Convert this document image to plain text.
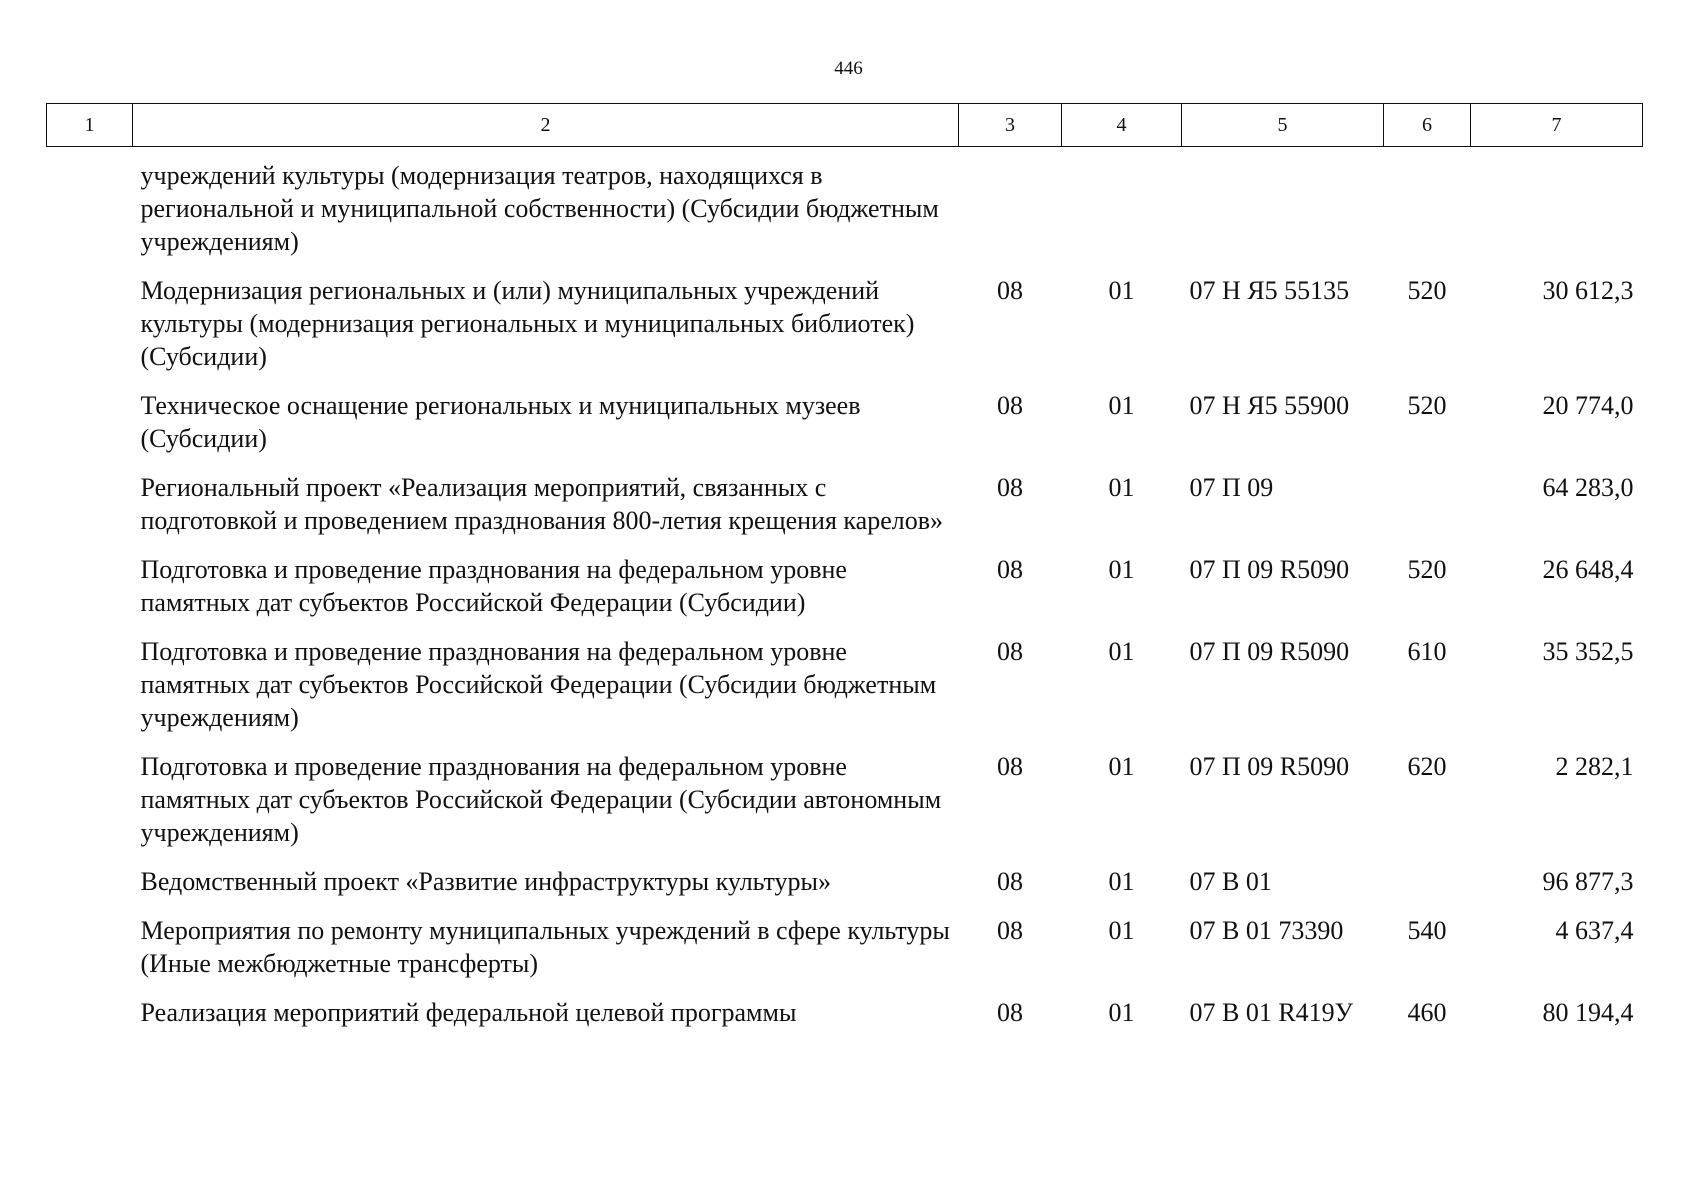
446
1	2	3	4	5	6	7
	учреждений культуры (модернизация театров, находящихся в региональной и муниципальной собственности) (Субсидии бюджетным учреждениям)					
	Модернизация региональных и (или) муниципальных учреждений культуры (модернизация региональных и муниципальных библиотек) (Субсидии)	08	01	07 Н Я5 55135	520	30 612,3
	Техническое оснащение региональных и муниципальных музеев (Субсидии)	08	01	07 Н Я5 55900	520	20 774,0
	Региональный проект «Реализация мероприятий, связанных с подготовкой и проведением празднования 800-летия крещения карелов»	08	01	07 П 09		64 283,0
	Подготовка и проведение празднования на федеральном уровне памятных дат субъектов Российской Федерации (Субсидии)	08	01	07 П 09 R5090	520	26 648,4
	Подготовка и проведение празднования на федеральном уровне памятных дат субъектов Российской Федерации (Субсидии бюджетным учреждениям)	08	01	07 П 09 R5090	610	35 352,5
	Подготовка и проведение празднования на федеральном уровне памятных дат субъектов Российской Федерации (Субсидии автономным учреждениям)	08	01	07 П 09 R5090	620	2 282,1
	Ведомственный проект «Развитие инфраструктуры культуры»	08	01	07 В 01		96 877,3
	Мероприятия по ремонту муниципальных учреждений в сфере культуры (Иные межбюджетные трансферты)	08	01	07 В 01 73390	540	4 637,4
	Реализация мероприятий федеральной целевой программы	08	01	07 В 01 R419У	460	80 194,4
